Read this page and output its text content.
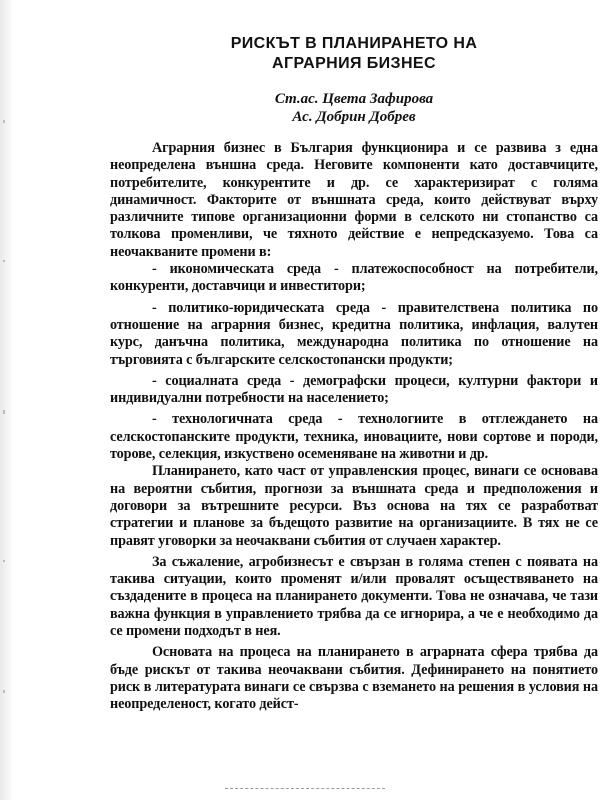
РИСКЪТ В ПЛАНИРАНЕТО НА
АГРАРНИЯ БИЗНЕС
Ст.ас. Цвета Зафирова
Ас. Добрин Добрев

Аграрния бизнес в България функционира и се развива з една неопределена външна среда. Неговите компоненти като доставчиците, потребителите, конкурентите и др. се характеризират с голяма динамичност. Факторите от външната среда, които действуват върху различните типове организационни форми в селското ни стопанство са толкова променливи, че тяхното действие е непредсказуемо. Това са неочакваните промени в:

- икономическата среда - платежоспособност на потребители, конкуренти, доставчици и инвеститори;

- политико-юридическата среда - правителствена политика по отношение на аграрния бизнес, кредитна политика, инфлация, валутен курс, данъчна политика, международна политика по отношение на търговията с българските селскостопански продукти;

- социалната среда - демографски процеси, културни фактори и индивидуални потребности на населението;

- технологичната среда - технологиите в отглеждането на селскостопанските продукти, техника, иновациите, нови сортове и породи, торове, селекция, изкуствено осеменяване на животни и др.

Планирането, като част от управленския процес, винаги се основава на вероятни събития, прогнози за външната среда и предположения и договори за вътрешните ресурси. Въз основа на тях се разработват стратегии и планове за бъдещото развитие на организациите. В тях не се правят уговорки за неочаквани събития от случаен характер.

За съжаление, агробизнесът е свързан в голяма степен с появата на такива ситуации, които променят и/или провалят осъществяването на създадените в процеса на планирането документи. Това не означава, че тази важна функция в управлението трябва да се игнорира, а че е необходимо да се промени подходът в нея.

Основата на процеса на планирането в аграрната сфера трябва да бъде рискът от такива неочаквани събития. Дефинирането на понятието риск в литературата винаги се свързва с вземането на решения в условия на неопределеност, когато дейст-
